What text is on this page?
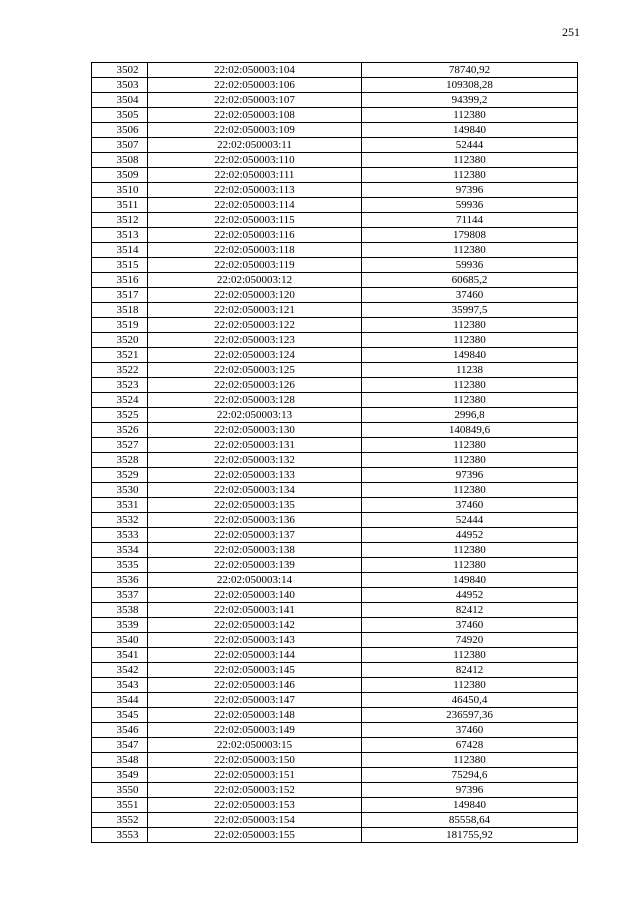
251
3502	22:02:050003:104	78740,92
3503	22:02:050003:106	109308,28
3504	22:02:050003:107	94399,2
3505	22:02:050003:108	112380
3506	22:02:050003:109	149840
3507	22:02:050003:11	52444
3508	22:02:050003:110	112380
3509	22:02:050003:111	112380
3510	22:02:050003:113	97396
3511	22:02:050003:114	59936
3512	22:02:050003:115	71144
3513	22:02:050003:116	179808
3514	22:02:050003:118	112380
3515	22:02:050003:119	59936
3516	22:02:050003:12	60685,2
3517	22:02:050003:120	37460
3518	22:02:050003:121	35997,5
3519	22:02:050003:122	112380
3520	22:02:050003:123	112380
3521	22:02:050003:124	149840
3522	22:02:050003:125	11238
3523	22:02:050003:126	112380
3524	22:02:050003:128	112380
3525	22:02:050003:13	2996,8
3526	22:02:050003:130	140849,6
3527	22:02:050003:131	112380
3528	22:02:050003:132	112380
3529	22:02:050003:133	97396
3530	22:02:050003:134	112380
3531	22:02:050003:135	37460
3532	22:02:050003:136	52444
3533	22:02:050003:137	44952
3534	22:02:050003:138	112380
3535	22:02:050003:139	112380
3536	22:02:050003:14	149840
3537	22:02:050003:140	44952
3538	22:02:050003:141	82412
3539	22:02:050003:142	37460
3540	22:02:050003:143	74920
3541	22:02:050003:144	112380
3542	22:02:050003:145	82412
3543	22:02:050003:146	112380
3544	22:02:050003:147	46450,4
3545	22:02:050003:148	236597,36
3546	22:02:050003:149	37460
3547	22:02:050003:15	67428
3548	22:02:050003:150	112380
3549	22:02:050003:151	75294,6
3550	22:02:050003:152	97396
3551	22:02:050003:153	149840
3552	22:02:050003:154	85558,64
3553	22:02:050003:155	181755,92
